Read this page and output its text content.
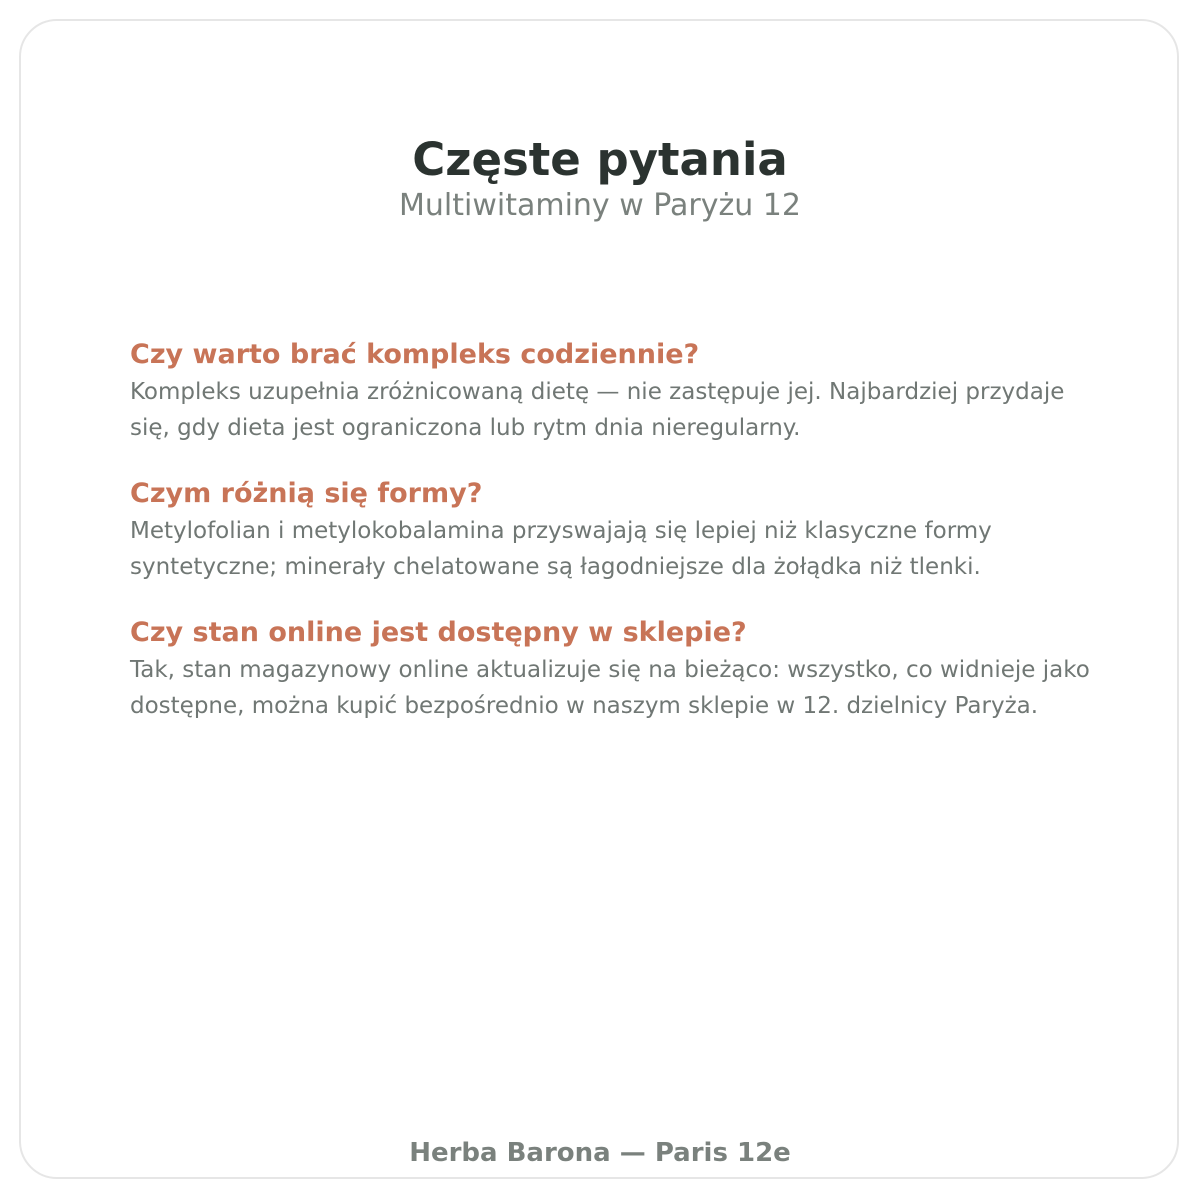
Częste pytania
Multiwitaminy w Paryżu 12

Czy warto brać kompleks codziennie?

Kompleks uzupełnia zróżnicowaną dietę — nie zastępuje jej. Najbardziej przydaje się, gdy dieta jest ograniczona lub rytm dnia nieregularny.

Czym różnią się formy?

Metylofolian i metylokobalamina przyswajają się lepiej niż klasyczne formy syntetyczne; minerały chelatowane są łagodniejsze dla żołądka niż tlenki.

Czy stan online jest dostępny w sklepie?

Tak, stan magazynowy online aktualizuje się na bieżąco: wszystko, co widnieje jako dostępne, można kupić bezpośrednio w naszym sklepie w 12. dzielnicy Paryża.

Herba Barona — Paris 12e
